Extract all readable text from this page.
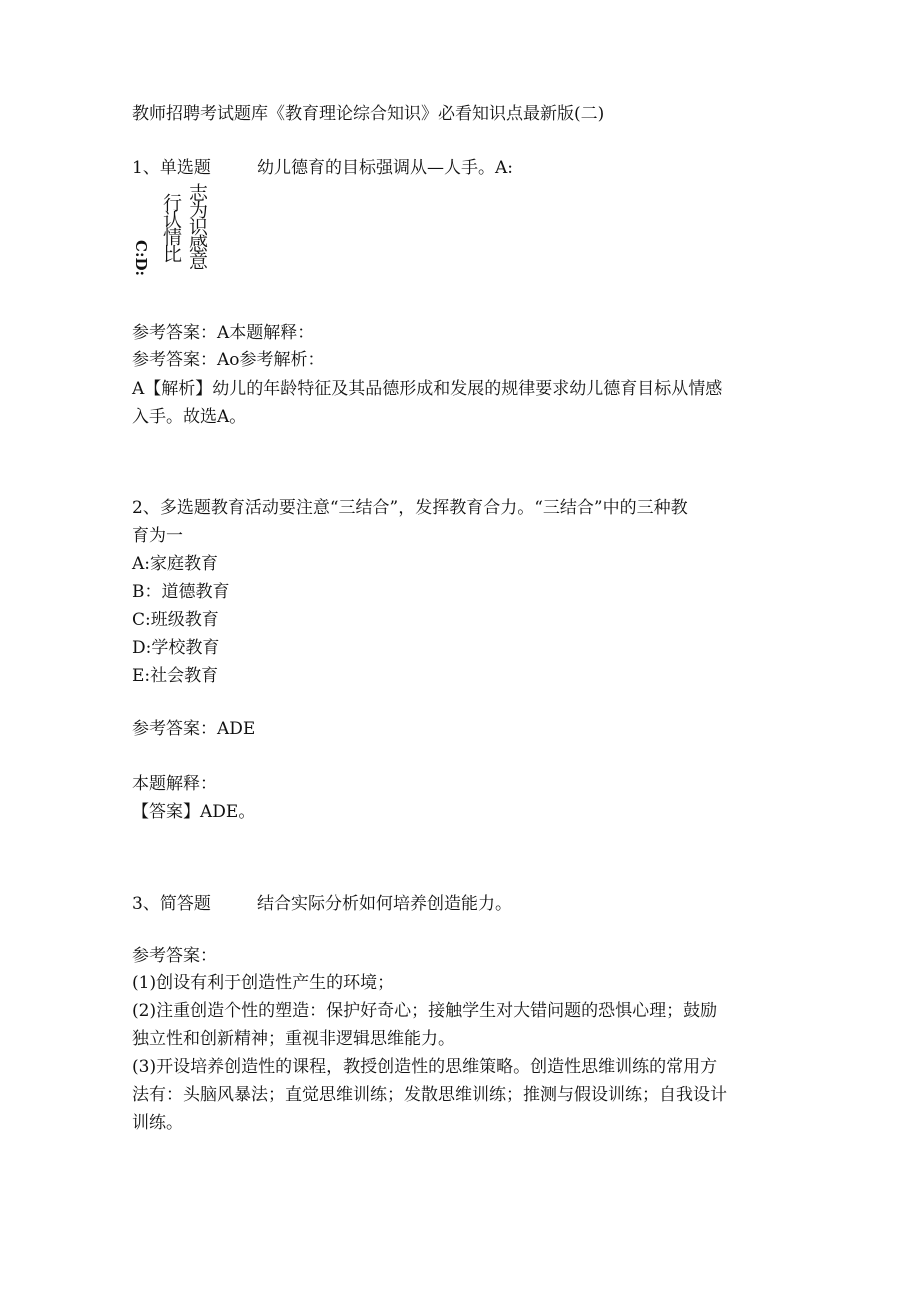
教师招聘考试题库《教育理论综合知识》必看知识点最新版(二)
1、单选题	幼儿德育的目标强调从—人手。A:
C:D: 行认情比 志为识感意
参考答案：A本题解释：
参考答案：Ao参考解析：
A【解析】幼儿的年龄特征及其品德形成和发展的规律要求幼儿德育目标从情感
入手。故选A。
2、多选题教育活动要注意“三结合”，发挥教育合力。“三结合”中的三种教
育为一
A:家庭教育
B：道德教育
C:班级教育
D:学校教育
E:社会教育
参考答案：ADE
本题解释：
【答案】ADE。
3、简答题	结合实际分析如何培养创造能力。
参考答案：
(1)创设有利于创造性产生的环境；
(2)注重创造个性的塑造：保护好奇心；接触学生对大错问题的恐惧心理；鼓励
独立性和创新精神；重视非逻辑思维能力。
(3)开设培养创造性的课程，教授创造性的思维策略。创造性思维训练的常用方
法有：头脑风暴法；直觉思维训练；发散思维训练；推测与假设训练；自我设计
训练。
